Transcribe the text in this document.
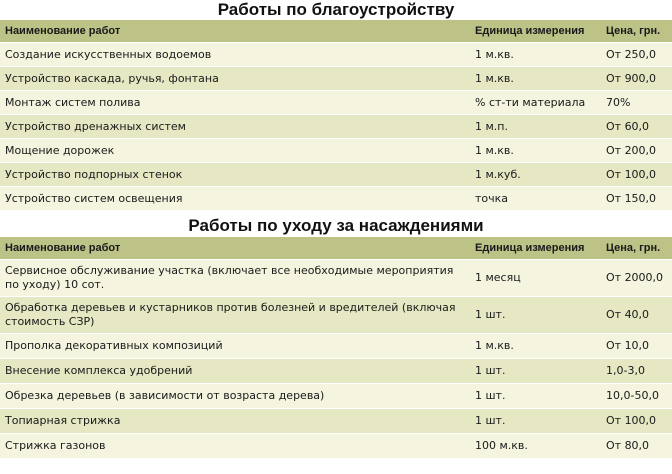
Работы по благоустройству
Наименование работ	Единица измерения	Цена, грн.
Создание искусственных водоемов	1 м.кв.	От 250,0
Устройство каскада, ручья, фонтана	1 м.кв.	От 900,0
Монтаж систем полива	% ст-ти материала	70%
Устройство дренажных систем	1 м.п.	От 60,0
Мощение дорожек	1 м.кв.	От 200,0
Устройство подпорных стенок	1 м.куб.	От 100,0
Устройство систем освещения	точка	От 150,0
Работы по уходу за насаждениями
Наименование работ	Единица измерения	Цена, грн.
Сервисное обслуживание участка (включает все необходимые мероприятия по уходу) 10 сот.	1 месяц	От 2000,0
Обработка деревьев и кустарников против болезней и вредителей (включая стоимость СЗР)	1 шт.	От 40,0
Прополка декоративных композиций	1 м.кв.	От 10,0
Внесение комплекса удобрений	1 шт.	1,0-3,0
Обрезка деревьев (в зависимости от возраста дерева)	1 шт.	10,0-50,0
Топиарная стрижка	1 шт.	От 100,0
Стрижка газонов	100 м.кв.	От 80,0
